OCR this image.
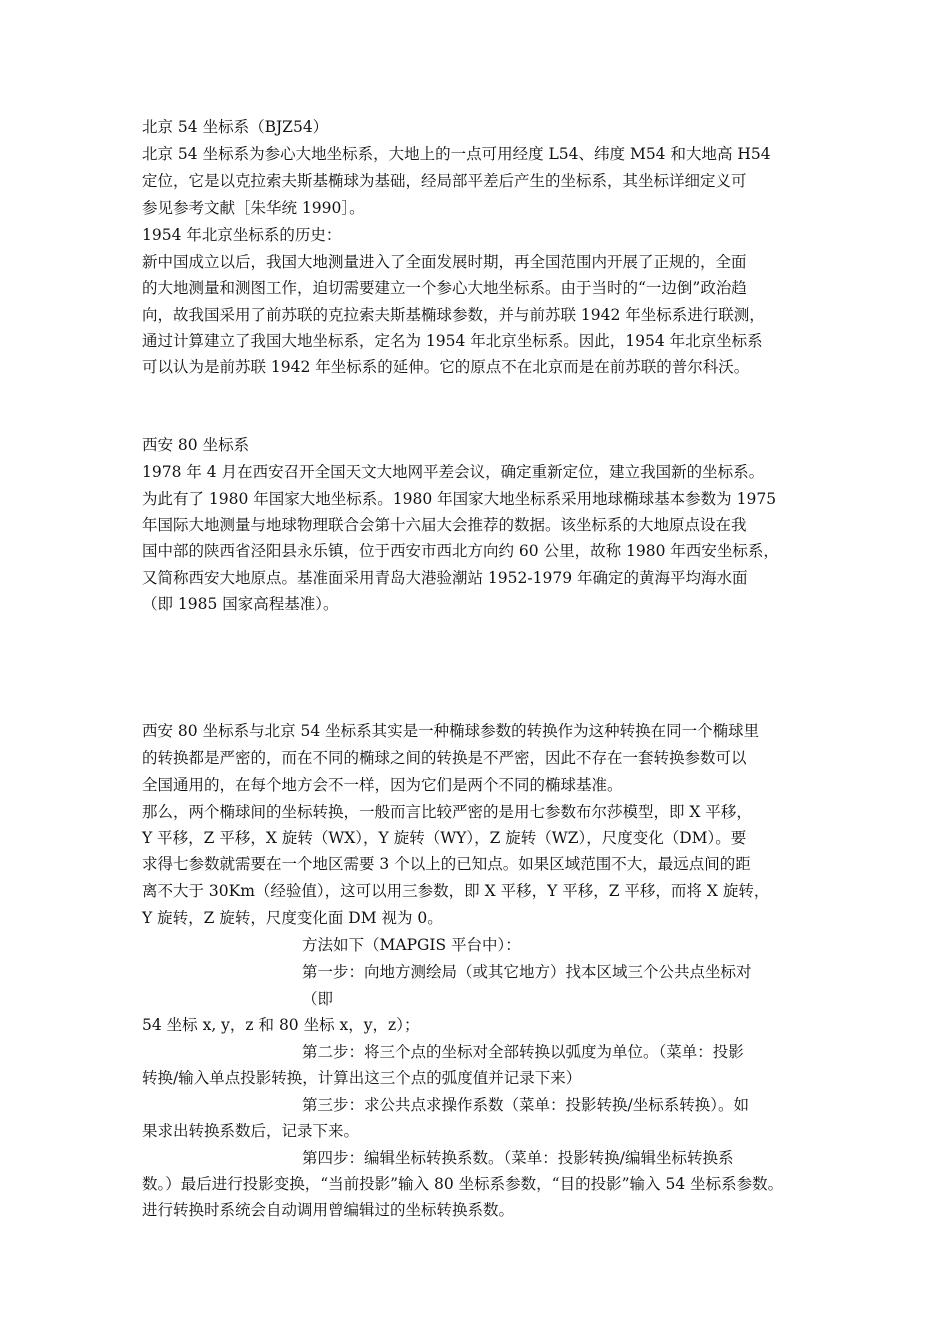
北京 54 坐标系（BJZ54）
北京 54 坐标系为参心大地坐标系，大地上的一点可用经度 L54、纬度 M54 和大地高 H54
定位，它是以克拉索夫斯基椭球为基础，经局部平差后产生的坐标系，其坐标详细定义可
参见参考文献［朱华统 1990］。
1954 年北京坐标系的历史：
新中国成立以后，我国大地测量进入了全面发展时期，再全国范围内开展了正规的，全面
的大地测量和测图工作，迫切需要建立一个参心大地坐标系。由于当时的“一边倒”政治趋
向，故我国采用了前苏联的克拉索夫斯基椭球参数，并与前苏联 1942 年坐标系进行联测，
通过计算建立了我国大地坐标系，定名为 1954 年北京坐标系。因此，1954 年北京坐标系
可以认为是前苏联 1942 年坐标系的延伸。它的原点不在北京而是在前苏联的普尔科沃。
西安 80 坐标系
1978 年 4 月在西安召开全国天文大地网平差会议，确定重新定位，建立我国新的坐标系。
为此有了 1980 年国家大地坐标系。1980 年国家大地坐标系采用地球椭球基本参数为 1975
年国际大地测量与地球物理联合会第十六届大会推荐的数据。该坐标系的大地原点设在我
国中部的陕西省泾阳县永乐镇，位于西安市西北方向约 60 公里，故称 1980 年西安坐标系，
又简称西安大地原点。基准面采用青岛大港验潮站 1952-1979 年确定的黄海平均海水面
（即 1985 国家高程基准）。
西安 80 坐标系与北京 54 坐标系其实是一种椭球参数的转换作为这种转换在同一个椭球里
的转换都是严密的，而在不同的椭球之间的转换是不严密，因此不存在一套转换参数可以
全国通用的，在每个地方会不一样，因为它们是两个不同的椭球基准。
那么，两个椭球间的坐标转换，一般而言比较严密的是用七参数布尔莎模型，即 X 平移，
Y 平移，Z 平移，X 旋转（WX），Y 旋转（WY），Z 旋转（WZ），尺度变化（DM）。要
求得七参数就需要在一个地区需要 3 个以上的已知点。如果区域范围不大，最远点间的距
离不大于 30Km（经验值），这可以用三参数，即 X 平移，Y 平移，Z 平移，而将 X 旋转，
Y 旋转，Z 旋转，尺度变化面 DM 视为 0。
方法如下（MAPGIS 平台中）：
第一步：向地方测绘局（或其它地方）找本区域三个公共点坐标对
（即
54 坐标 x, y，z 和 80 坐标 x，y，z）；
第二步：将三个点的坐标对全部转换以弧度为单位。（菜单：投影
转换/输入单点投影转换，计算出这三个点的弧度值并记录下来）
第三步：求公共点求操作系数（菜单：投影转换/坐标系转换）。如
果求出转换系数后，记录下来。
第四步：编辑坐标转换系数。（菜单：投影转换/编辑坐标转换系
数。）最后进行投影变换，“当前投影”输入 80 坐标系参数，“目的投影”输入 54 坐标系参数。
进行转换时系统会自动调用曾编辑过的坐标转换系数。
